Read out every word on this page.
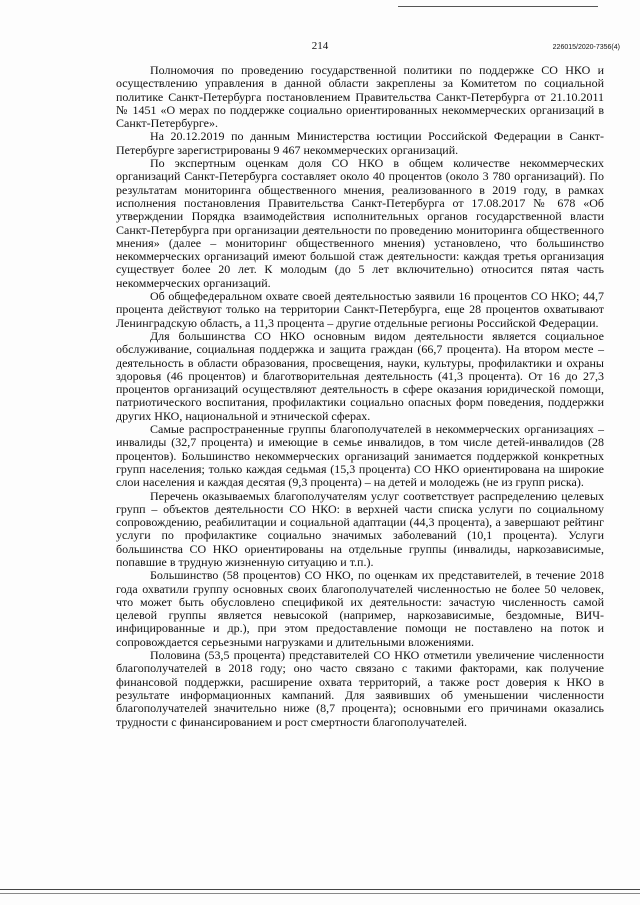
214	226015/2020-7356(4)

Полномочия по проведению государственной политики по поддержке СО НКО и осуществлению управления в данной области закреплены за Комитетом по социальной политике Санкт-Петербурга постановлением Правительства Санкт-Петербурга от 21.10.2011 № 1451 «О мерах по поддержке социально ориентированных некоммерческих организаций в Санкт-Петербурге».

На 20.12.2019 по данным Министерства юстиции Российской Федерации в Санкт-Петербурге зарегистрированы 9 467 некоммерческих организаций.

По экспертным оценкам доля СО НКО в общем количестве некоммерческих организаций Санкт-Петербурга составляет около 40 процентов (около 3 780 организаций). По результатам мониторинга общественного мнения, реализованного в 2019 году, в рамках исполнения постановления Правительства Санкт-Петербурга от 17.08.2017 № 678 «Об утверждении Порядка взаимодействия исполнительных органов государственной власти Санкт-Петербурга при организации деятельности по проведению мониторинга общественного мнения» (далее – мониторинг общественного мнения) установлено, что большинство некоммерческих организаций имеют большой стаж деятельности: каждая третья организация существует более 20 лет. К молодым (до 5 лет включительно) относится пятая часть некоммерческих организаций.

Об общефедеральном охвате своей деятельностью заявили 16 процентов СО НКО; 44,7 процента действуют только на территории Санкт-Петербурга, еще 28 процентов охватывают Ленинградскую область, а 11,3 процента – другие отдельные регионы Российской Федерации.

Для большинства СО НКО основным видом деятельности является социальное обслуживание, социальная поддержка и защита граждан (66,7 процента). На втором месте – деятельность в области образования, просвещения, науки, культуры, профилактики и охраны здоровья (46 процентов) и благотворительная деятельность (41,3 процента). От 16 до 27,3 процентов организаций осуществляют деятельность в сфере оказания юридической помощи, патриотического воспитания, профилактики социально опасных форм поведения, поддержки других НКО, национальной и этнической сферах.

Самые распространенные группы благополучателей в некоммерческих организациях – инвалиды (32,7 процента) и имеющие в семье инвалидов, в том числе детей-инвалидов (28 процентов). Большинство некоммерческих организаций занимается поддержкой конкретных групп населения; только каждая седьмая (15,3 процента) СО НКО ориентирована на широкие слои населения и каждая десятая (9,3 процента) – на детей и молодежь (не из групп риска).

Перечень оказываемых благополучателям услуг соответствует распределению целевых групп – объектов деятельности СО НКО: в верхней части списка услуги по социальному сопровождению, реабилитации и социальной адаптации (44,3 процента), а завершают рейтинг услуги по профилактике социально значимых заболеваний (10,1 процента). Услуги большинства СО НКО ориентированы на отдельные группы (инвалиды, наркозависимые, попавшие в трудную жизненную ситуацию и т.п.).

Большинство (58 процентов) СО НКО, по оценкам их представителей, в течение 2018 года охватили группу основных своих благополучателей численностью не более 50 человек, что может быть обусловлено спецификой их деятельности: зачастую численность самой целевой группы является невысокой (например, наркозависимые, бездомные, ВИЧ-инфицированные и др.), при этом предоставление помощи не поставлено на поток и сопровождается серьезными нагрузками и длительными вложениями.

Половина (53,5 процента) представителей СО НКО отметили увеличение численности благополучателей в 2018 году; оно часто связано с такими факторами, как получение финансовой поддержки, расширение охвата территорий, а также рост доверия к НКО в результате информационных кампаний. Для заявивших об уменьшении численности благополучателей значительно ниже (8,7 процента); основными его причинами оказались трудности с финансированием и рост смертности благополучателей.
